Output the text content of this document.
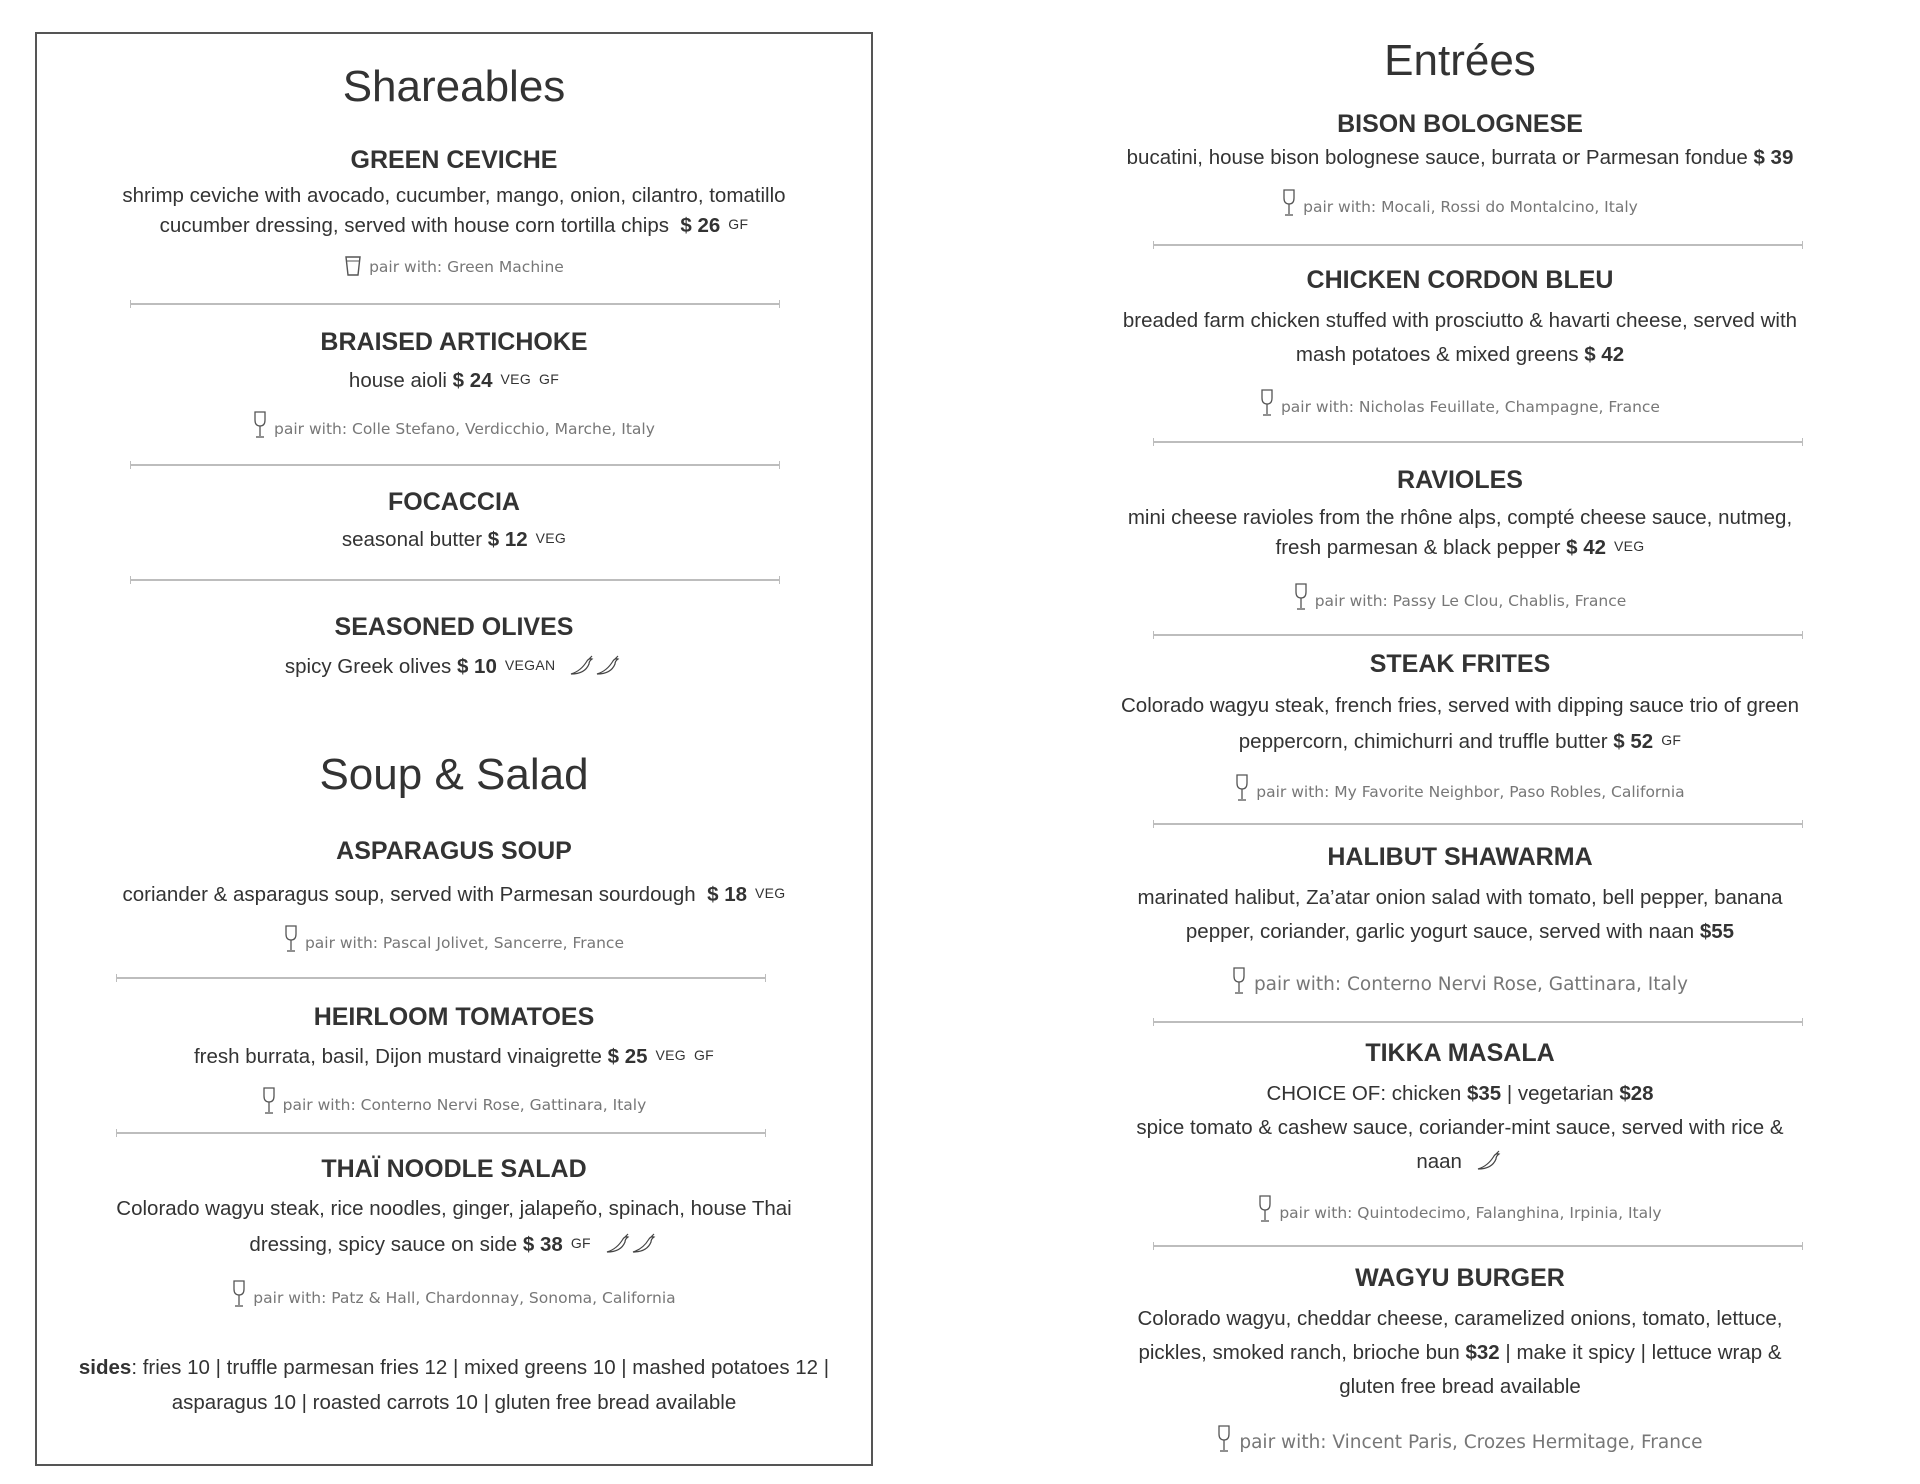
Shareables
GREEN CEVICHE
shrimp ceviche with avocado, cucumber, mango, onion, cilantro, tomatillo
cucumber dressing, served with house corn tortilla chips $ 26 GF
pair with: Green Machine
BRAISED ARTICHOKE
house aioli $ 24 VEG GF
pair with: Colle Stefano, Verdicchio, Marche, Italy
FOCACCIA
seasonal butter $ 12 VEG
SEASONED OLIVES
spicy Greek olives $ 10 VEGAN
Soup & Salad
ASPARAGUS SOUP
coriander & asparagus soup, served with Parmesan sourdough $ 18 VEG
pair with: Pascal Jolivet, Sancerre, France
HEIRLOOM TOMATOES
fresh burrata, basil, Dijon mustard vinaigrette $ 25 VEG GF
pair with: Conterno Nervi Rose, Gattinara, Italy
THAÏ NOODLE SALAD
Colorado wagyu steak, rice noodles, ginger, jalapeño, spinach, house Thai
dressing, spicy sauce on side $ 38 GF
pair with: Patz & Hall, Chardonnay, Sonoma, California
sides: fries 10 | truffle parmesan fries 12 | mixed greens 10 | mashed potatoes 12 |
asparagus 10 | roasted carrots 10 | gluten free bread available
Entrées
BISON BOLOGNESE
bucatini, house bison bolognese sauce, burrata or Parmesan fondue $ 39
pair with: Mocali, Rossi do Montalcino, Italy
CHICKEN CORDON BLEU
breaded farm chicken stuffed with prosciutto & havarti cheese, served with
mash potatoes & mixed greens $ 42
pair with: Nicholas Feuillate, Champagne, France
RAVIOLES
mini cheese ravioles from the rhône alps, compté cheese sauce, nutmeg,
fresh parmesan & black pepper $ 42 VEG
pair with: Passy Le Clou, Chablis, France
STEAK FRITES
Colorado wagyu steak, french fries, served with dipping sauce trio of green
peppercorn, chimichurri and truffle butter $ 52 GF
pair with: My Favorite Neighbor, Paso Robles, California
HALIBUT SHAWARMA
marinated halibut, Za’atar onion salad with tomato, bell pepper, banana
pepper, coriander, garlic yogurt sauce, served with naan $55
pair with: Conterno Nervi Rose, Gattinara, Italy
TIKKA MASALA
CHOICE OF: chicken $35 | vegetarian $28
spice tomato & cashew sauce, coriander-mint sauce, served with rice &
naan
pair with: Quintodecimo, Falanghina, Irpinia, Italy
WAGYU BURGER
Colorado wagyu, cheddar cheese, caramelized onions, tomato, lettuce,
pickles, smoked ranch, brioche bun $32 | make it spicy | lettuce wrap &
gluten free bread available
pair with: Vincent Paris, Crozes Hermitage, France
